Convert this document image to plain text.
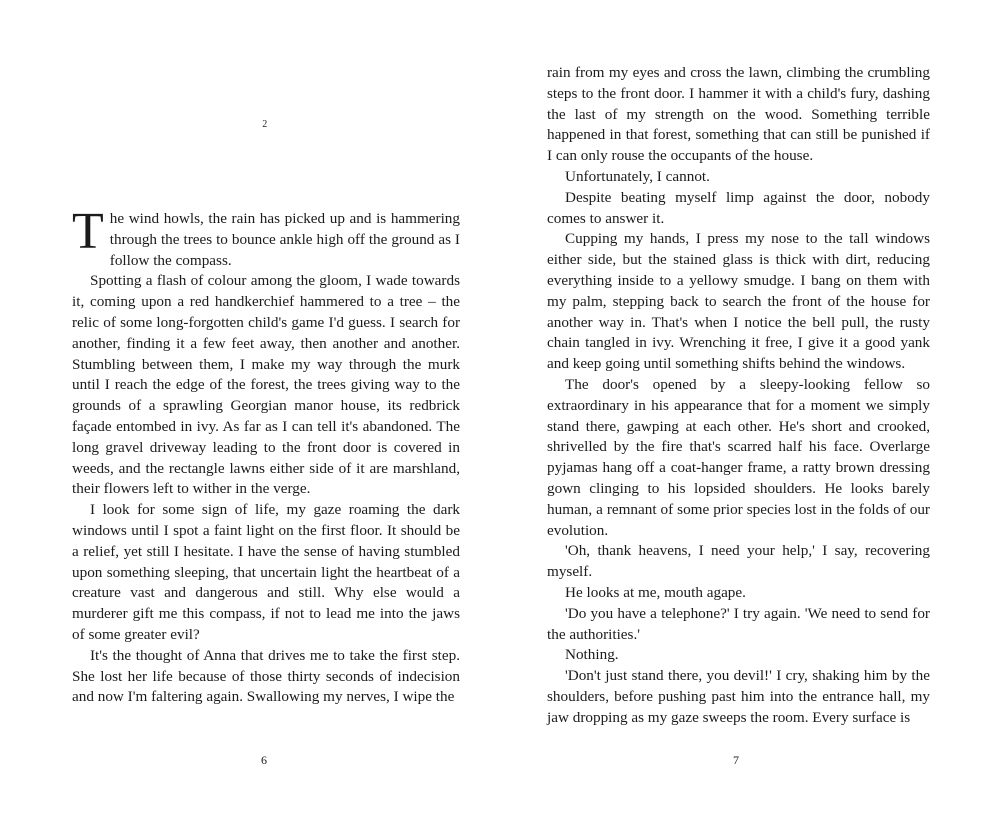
2

The wind howls, the rain has picked up and is hammering through the trees to bounce ankle high off the ground as I follow the compass.

Spotting a flash of colour among the gloom, I wade towards it, coming upon a red handkerchief hammered to a tree – the relic of some long-forgotten child's game I'd guess. I search for another, finding it a few feet away, then another and another. Stumbling between them, I make my way through the murk until I reach the edge of the forest, the trees giving way to the grounds of a sprawling Georgian manor house, its redbrick façade entombed in ivy. As far as I can tell it's abandoned. The long gravel driveway leading to the front door is covered in weeds, and the rectangle lawns either side of it are marshland, their flowers left to wither in the verge.

I look for some sign of life, my gaze roaming the dark windows until I spot a faint light on the first floor. It should be a relief, yet still I hesitate. I have the sense of having stumbled upon something sleeping, that uncertain light the heartbeat of a creature vast and dangerous and still. Why else would a murderer gift me this compass, if not to lead me into the jaws of some greater evil?

It's the thought of Anna that drives me to take the first step. She lost her life because of those thirty seconds of indecision and now I'm faltering again. Swallowing my nerves, I wipe the

6

rain from my eyes and cross the lawn, climbing the crumbling steps to the front door. I hammer it with a child's fury, dashing the last of my strength on the wood. Something terrible happened in that forest, something that can still be punished if I can only rouse the occupants of the house.

Unfortunately, I cannot.

Despite beating myself limp against the door, nobody comes to answer it.

Cupping my hands, I press my nose to the tall windows either side, but the stained glass is thick with dirt, reducing everything inside to a yellowy smudge. I bang on them with my palm, stepping back to search the front of the house for another way in. That's when I notice the bell pull, the rusty chain tangled in ivy. Wrenching it free, I give it a good yank and keep going until something shifts behind the windows.

The door's opened by a sleepy-looking fellow so extraordinary in his appearance that for a moment we simply stand there, gawping at each other. He's short and crooked, shrivelled by the fire that's scarred half his face. Overlarge pyjamas hang off a coat-hanger frame, a ratty brown dressing gown clinging to his lopsided shoulders. He looks barely human, a remnant of some prior species lost in the folds of our evolution.

'Oh, thank heavens, I need your help,' I say, recovering myself.

He looks at me, mouth agape.

'Do you have a telephone?' I try again. 'We need to send for the authorities.'

Nothing.

'Don't just stand there, you devil!' I cry, shaking him by the shoulders, before pushing past him into the entrance hall, my jaw dropping as my gaze sweeps the room. Every surface is

7
